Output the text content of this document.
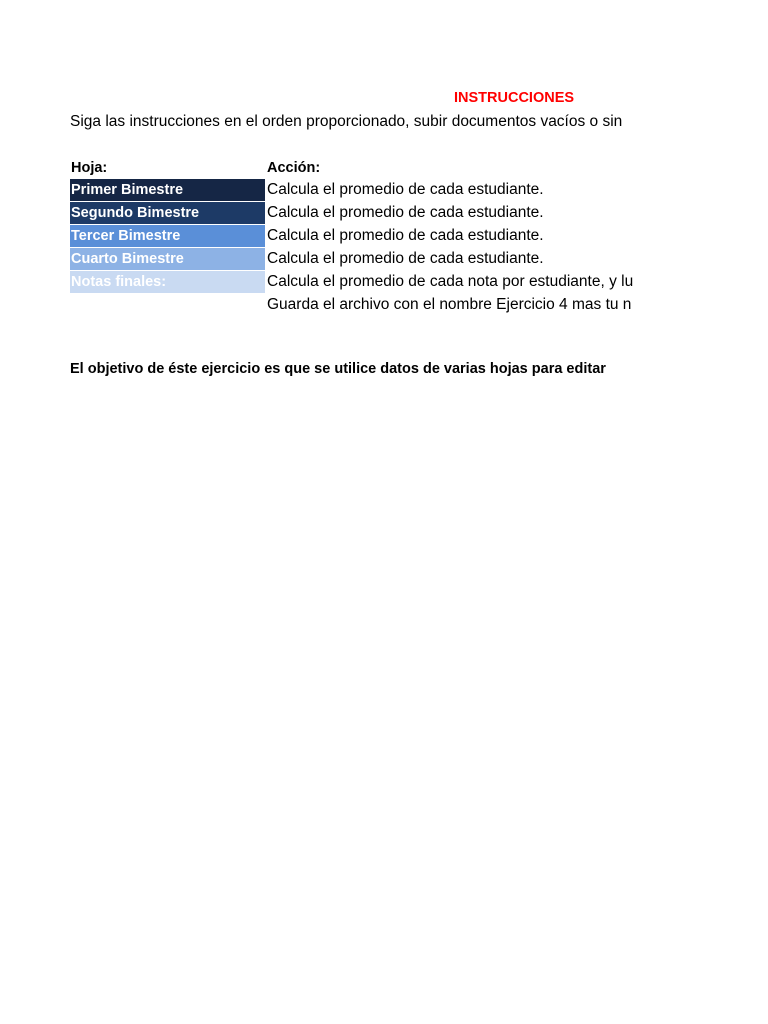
INSTRUCCIONES
Siga las instrucciones en el orden proporcionado, subir documentos vacíos o sin
Hoja:	Acción:
Primer Bimestre	Calcula el promedio de cada estudiante.
Segundo Bimestre	Calcula el promedio de cada estudiante.
Tercer Bimestre	Calcula el promedio de cada estudiante.
Cuarto Bimestre	Calcula el promedio de cada estudiante.
Notas finales:	Calcula el promedio de cada nota por estudiante, y lu
Guarda el archivo con el nombre Ejercicio 4 mas tu n
El objetivo de éste ejercicio es que se utilice datos de varias hojas para editar
